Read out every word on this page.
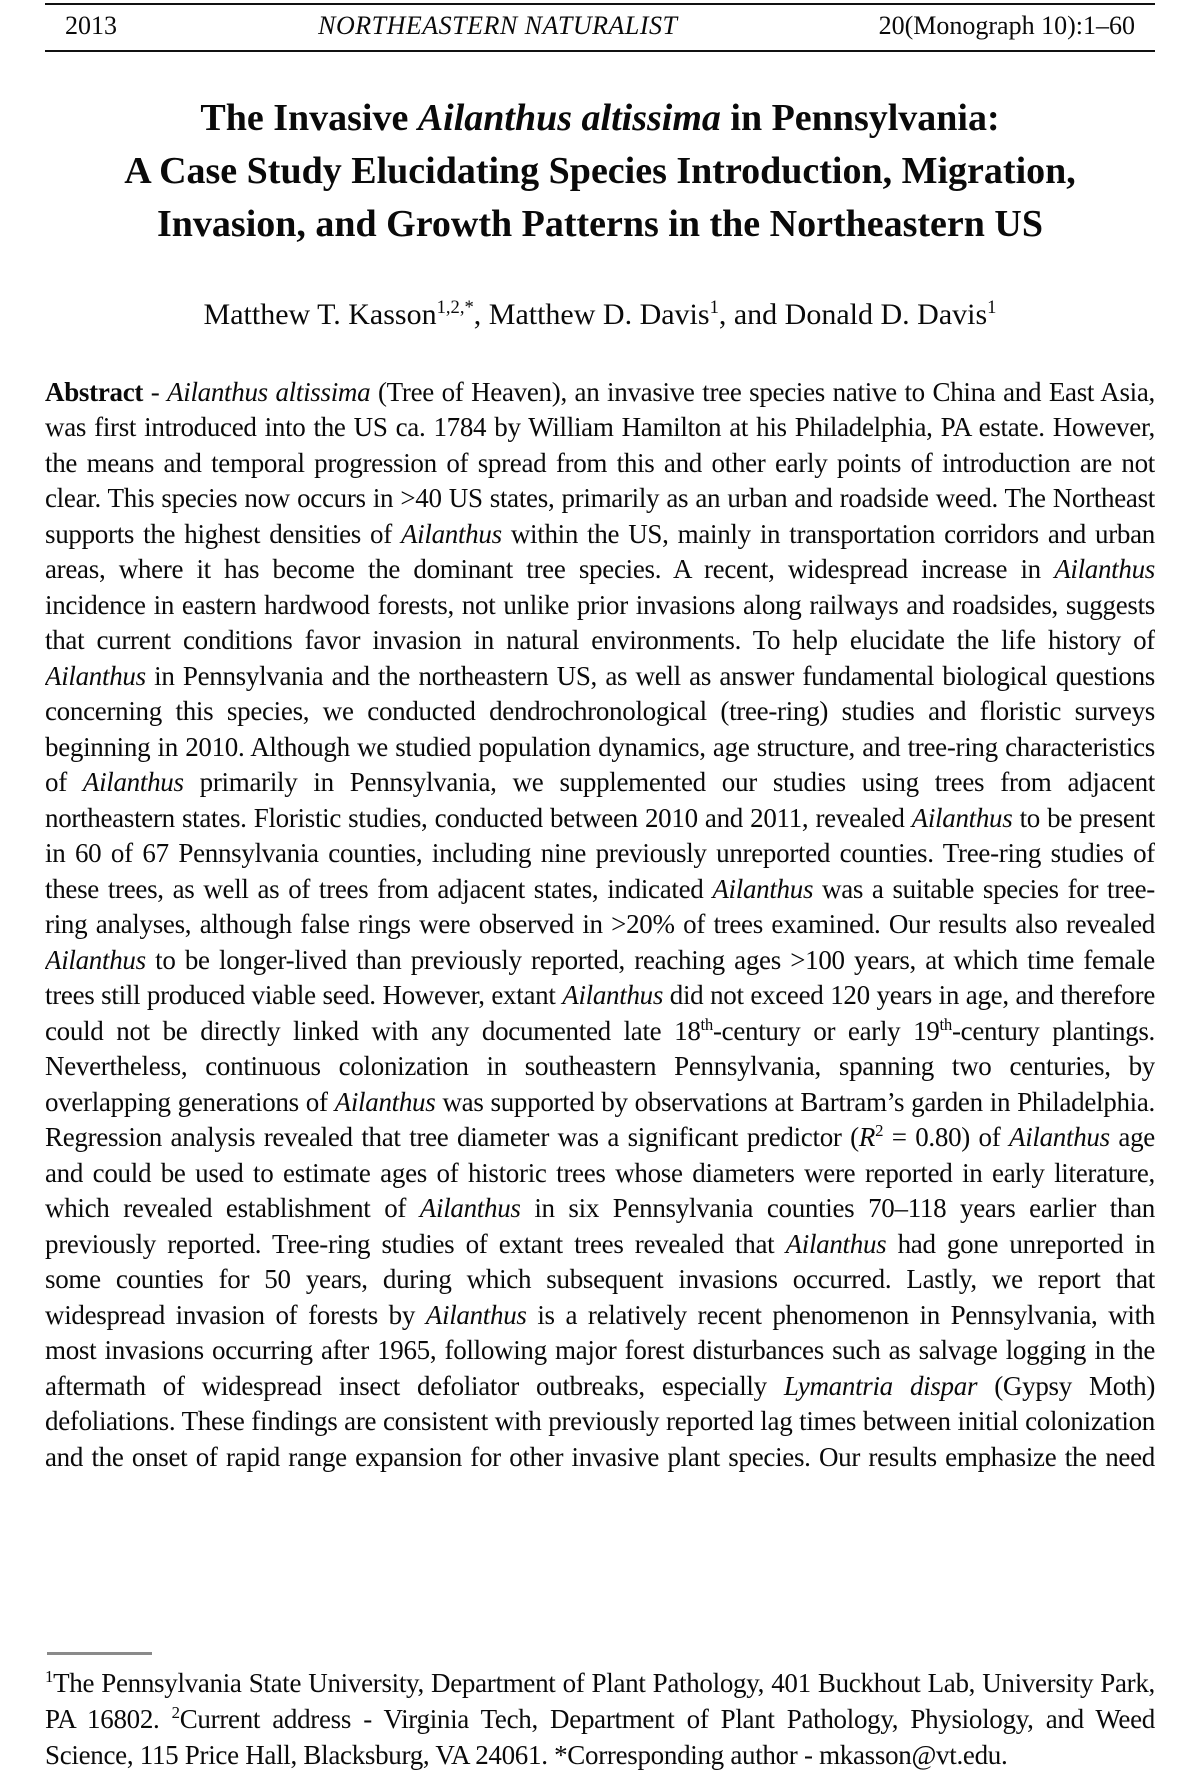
2013	NORTHEASTERN NATURALIST	20(Monograph 10):1–60
The Invasive Ailanthus altissima in Pennsylvania:
A Case Study Elucidating Species Introduction, Migration,
Invasion, and Growth Patterns in the Northeastern US
Matthew T. Kasson$^{1,2,*}$, Matthew D. Davis$^1$, and Donald D. Davis$^1$
Abstract - Ailanthus altissima (Tree of Heaven), an invasive tree species native to China and East Asia, was first introduced into the US ca. 1784 by William Hamilton at his Philadelphia, PA estate. However, the means and temporal progression of spread from this and other early points of introduction are not clear. This species now occurs in >40 US states, primarily as an urban and roadside weed. The Northeast supports the highest densities of Ailanthus within the US, mainly in transportation corridors and urban areas, where it has become the dominant tree species. A recent, widespread increase in Ailanthus incidence in eastern hardwood forests, not unlike prior invasions along railways and roadsides, suggests that current conditions favor invasion in natural environments. To help elucidate the life history of Ailanthus in Pennsylvania and the northeastern US, as well as answer fundamental biological questions concerning this species, we conducted dendrochronological (tree-ring) studies and floristic surveys beginning in 2010. Although we studied population dynamics, age structure, and tree-ring characteristics of Ailanthus primarily in Pennsylvania, we supplemented our studies using trees from adjacent northeastern states. Floristic studies, conducted between 2010 and 2011, revealed Ailanthus to be present in 60 of 67 Pennsylvania counties, including nine previously unreported counties. Tree-ring studies of these trees, as well as of trees from adjacent states, indicated Ailanthus was a suitable species for tree-ring analyses, although false rings were observed in >20% of trees examined. Our results also revealed Ailanthus to be longer-lived than previously reported, reaching ages >100 years, at which time female trees still produced viable seed. However, extant Ailanthus did not exceed 120 years in age, and therefore could not be directly linked with any documented late 18th-century or early 19th-century plantings. Nevertheless, continuous colonization in southeastern Pennsylvania, spanning two centuries, by overlapping generations of Ailanthus was supported by observations at Bartram’s garden in Philadelphia. Regression analysis revealed that tree diameter was a significant predictor $(R^2 = 0.80)$ of Ailanthus age and could be used to estimate ages of historic trees whose diameters were reported in early literature, which revealed establishment of Ailanthus in six Pennsylvania counties 70–118 years earlier than previously reported. Tree-ring studies of extant trees revealed that Ailanthus had gone unreported in some counties for 50 years, during which subsequent invasions occurred. Lastly, we report that widespread invasion of forests by Ailanthus is a relatively recent phenomenon in Pennsylvania, with most invasions occurring after 1965, following major forest disturbances such as salvage logging in the aftermath of widespread insect defoliator outbreaks, especially Lymantria dispar (Gypsy Moth) defoliations. These findings are consistent with previously reported lag times between initial colonization and the onset of rapid range expansion for other invasive plant species. Our results emphasize the need
$^1$The Pennsylvania State University, Department of Plant Pathology, 401 Buckhout Lab, University Park, PA 16802. $^2$Current address - Virginia Tech, Department of Plant Pathology, Physiology, and Weed Science, 115 Price Hall, Blacksburg, VA 24061. *Corresponding author - mkasson@vt.edu.
